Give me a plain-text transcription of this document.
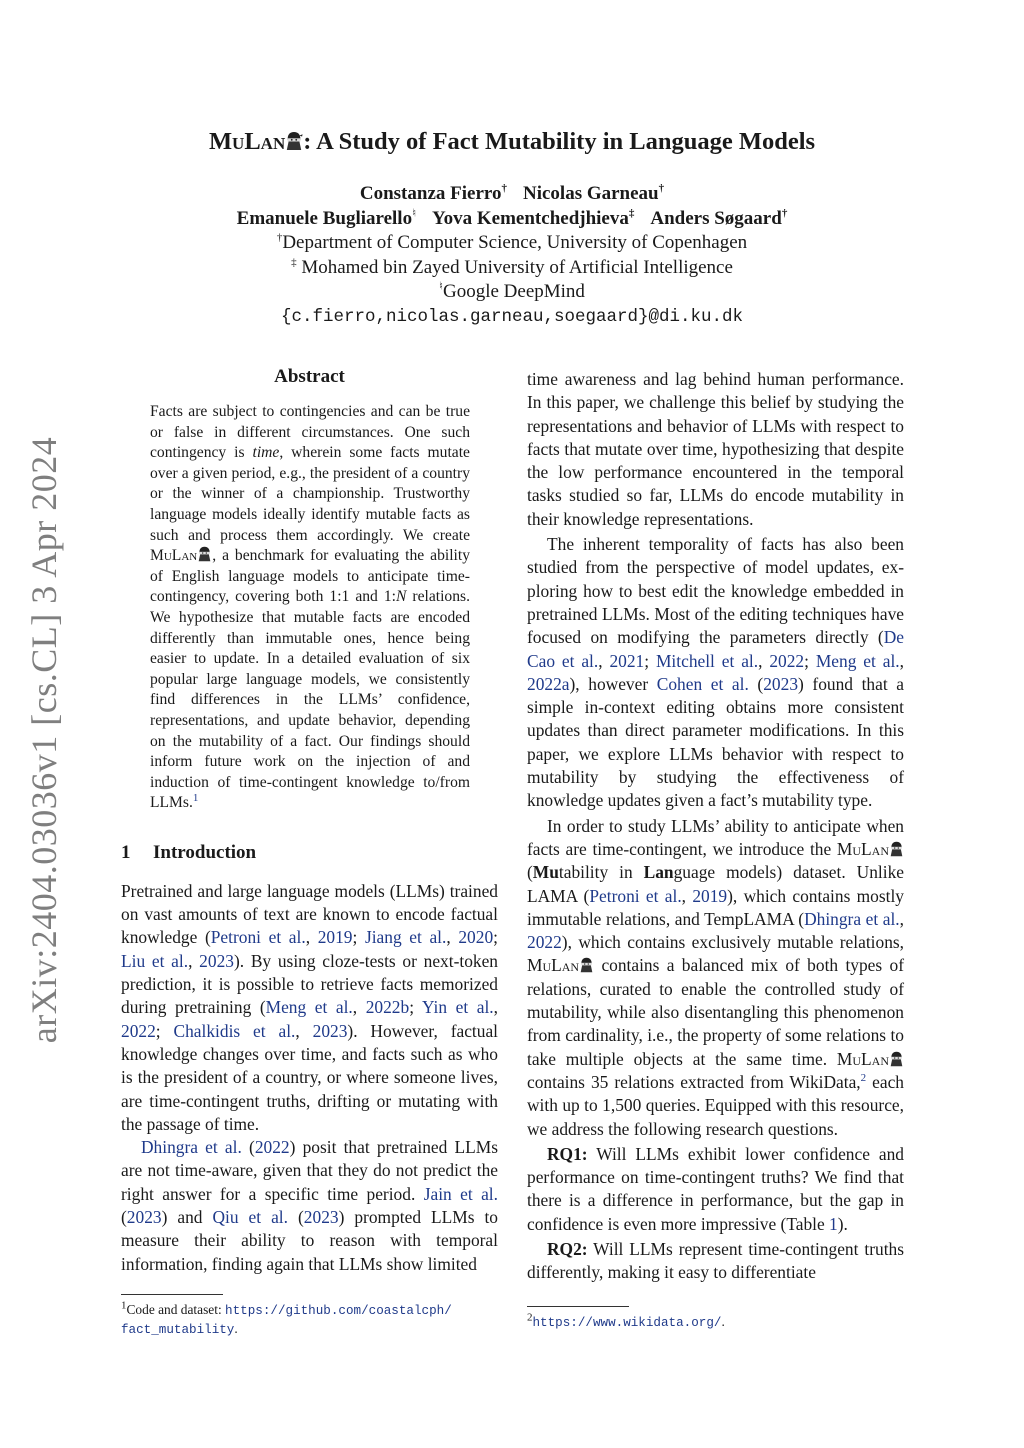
arXiv:2404.03036v1 [cs.CL] 3 Apr 2024
MuLan : A Study of Fact Mutability in Language Models
Constanza Fierro† Nicolas Garneau†
Emanuele Bugliarello♮ Yova Kementchedjhieva‡ Anders Søgaard†
†Department of Computer Science, University of Copenhagen
‡ Mohamed bin Zayed University of Artificial Intelligence
♮Google DeepMind
{c.fierro,nicolas.garneau,soegaard}@di.ku.dk
Abstract
Facts are subject to contingencies and can be true or false in different circumstances. One such contingency is time, wherein some facts mutate over a given period, e.g., the president of a country or the winner of a championship. Trustworthy language models ideally identify mutable facts as such and process them accordingly. We create MuLan , a benchmark for evaluating the ability of English language models to anticipate time-contingency, covering both 1:1 and 1:N relations. We hypothesize that mutable facts are encoded differently than immutable ones, hence being easier to update. In a detailed evaluation of six popular large language models, we consistently find differences in the LLMs’ confidence, representations, and update behavior, depending on the mutability of a fact. Our findings should inform future work on the injection of and induction of time-contingent knowledge to/from LLMs.$^1$
1 Introduction

Pretrained and large language models (LLMs) trained on vast amounts of text are known to encode factual knowledge (Petroni et al., 2019; Jiang et al., 2020; Liu et al., 2023). By using cloze-tests or next-token prediction, it is possible to retrieve facts memorized during pretraining (Meng et al., 2022b; Yin et al., 2022; Chalkidis et al., 2023). However, factual knowledge changes over time, and facts such as who is the president of a country, or where someone lives, are time-contingent truths, drifting or mutating with the passage of time.

Dhingra et al. (2022) posit that pretrained LLMs are not time-aware, given that they do not predict the right answer for a specific time period. Jain et al. (2023) and Qiu et al. (2023) prompted LLMs to measure their ability to reason with temporal information, finding again that LLMs show limited

time awareness and lag behind human performance. In this paper, we challenge this belief by studying the representations and behavior of LLMs with respect to facts that mutate over time, hypothesizing that despite the low performance encountered in the temporal tasks studied so far, LLMs do encode mutability in their knowledge representations.

The inherent temporality of facts has also been studied from the perspective of model updates, exploring how to best edit the knowledge embedded in pretrained LLMs. Most of the editing techniques have focused on modifying the parameters directly (De Cao et al., 2021; Mitchell et al., 2022; Meng et al., 2022a), however Cohen et al. (2023) found that a simple in-context editing obtains more consistent updates than direct parameter modifications. In this paper, we explore LLMs behavior with respect to mutability by studying the effectiveness of knowledge updates given a fact’s mutability type.

In order to study LLMs’ ability to anticipate when facts are time-contingent, we introduce the MuLan (Mutability in Language models) dataset. Unlike LAMA (Petroni et al., 2019), which contains mostly immutable relations, and TempLAMA (Dhingra et al., 2022), which contains exclusively mutable relations, MuLan contains a balanced mix of both types of relations, curated to enable the controlled study of mutability, while also disentangling this phenomenon from cardinality, i.e., the property of some relations to take multiple objects at the same time. MuLan contains 35 relations extracted from WikiData,$^2$ each with up to 1,500 queries. Equipped with this resource, we address the following research questions.

RQ1: Will LLMs exhibit lower confidence and performance on time-contingent truths? We find that there is a difference in performance, but the gap in confidence is even more impressive (Table 1).

RQ2: Will LLMs represent time-contingent truths differently, making it easy to differentiate

$^1$Code and dataset: https://github.com/coastalcph/ fact_mutability.
$^2$https://www.wikidata.org/.
